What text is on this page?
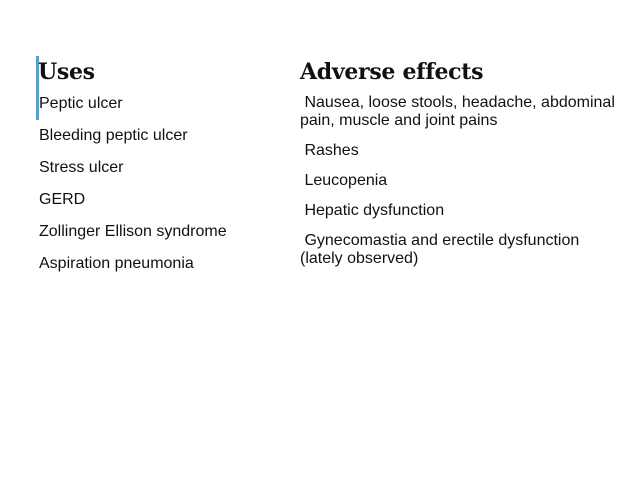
Uses
Peptic ulcer
Bleeding peptic ulcer
Stress ulcer
GERD
Zollinger Ellison syndrome
Aspiration pneumonia
Adverse effects
Nausea, loose stools, headache, abdominal pain, muscle and joint pains
Rashes
Leucopenia
Hepatic dysfunction
Gynecomastia and erectile dysfunction (lately observed)
